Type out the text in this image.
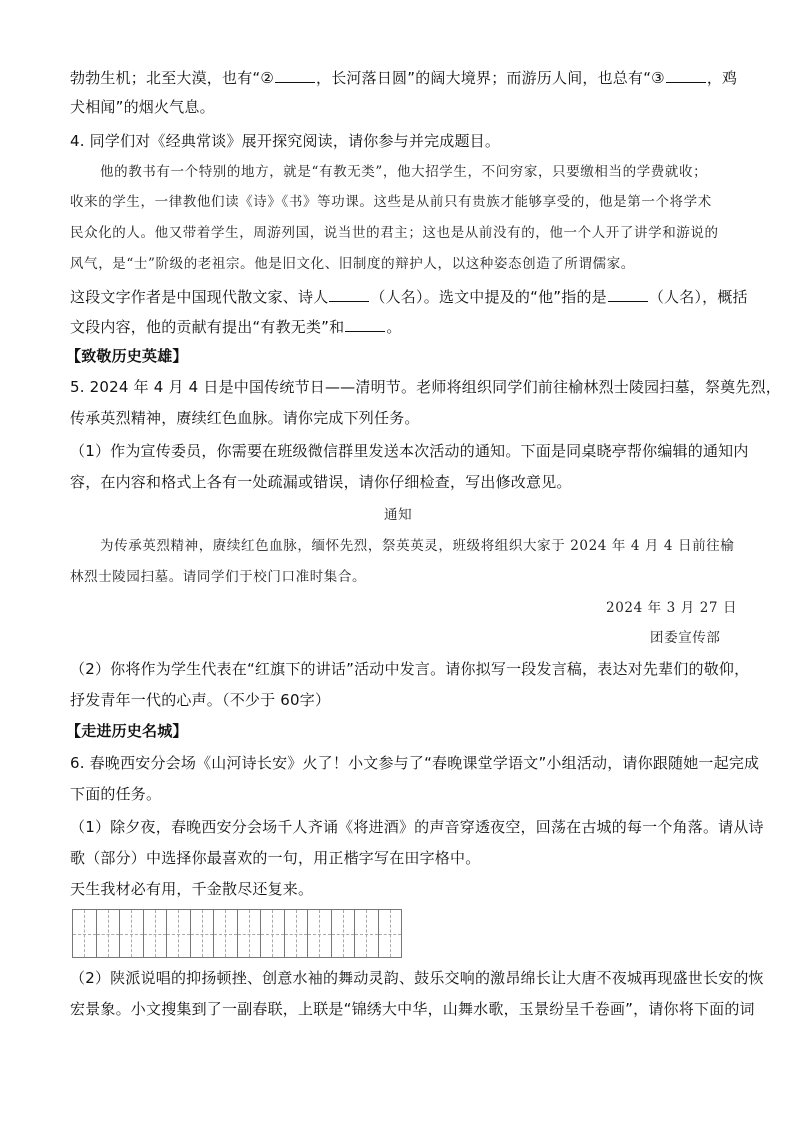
勃勃生机；北至大漠，也有“②	，长河落日圆”的阔大境界；而游历人间，也总有“③	，鸡
犬相闻”的烟火气息。
4. 同学们对《经典常谈》展开探究阅读，请你参与并完成题目。
他的教书有一个特别的地方，就是“有教无类”，他大招学生，不问穷家，只要缴相当的学费就收；
收来的学生，一律教他们读《诗》《书》等功课。这些是从前只有贵族才能够享受的，他是第一个将学术
民众化的人。他又带着学生，周游列国，说当世的君主；这也是从前没有的，他一个人开了讲学和游说的
风气，是“士”阶级的老祖宗。他是旧文化、旧制度的辩护人，以这种姿态创造了所谓儒家。
这段文字作者是中国现代散文家、诗人	（人名）。选文中提及的“他”指的是	（人名），概括
文段内容，他的贡献有提出“有教无类”和	。
【致敬历史英雄】
5. 2024 年 4 月 4 日是中国传统节日——清明节。老师将组织同学们前往榆林烈士陵园扫墓，祭奠先烈，
传承英烈精神，赓续红色血脉。请你完成下列任务。
（1）作为宣传委员，你需要在班级微信群里发送本次活动的通知。下面是同桌晓亭帮你编辑的通知内
容，在内容和格式上各有一处疏漏或错误，请你仔细检查，写出修改意见。
通知
为传承英烈精神，赓续红色血脉，缅怀先烈，祭英英灵，班级将组织大家于 2024 年 4 月 4 日前往榆
林烈士陵园扫墓。请同学们于校门口准时集合。
2024 年 3 月 27 日
团委宣传部
（2）你将作为学生代表在“红旗下的讲话”活动中发言。请你拟写一段发言稿，表达对先辈们的敬仰，
抒发青年一代的心声。（不少于 60字）
【走进历史名城】
6. 春晚西安分会场《山河诗长安》火了！小文参与了“春晚课堂学语文”小组活动，请你跟随她一起完成
下面的任务。
（1）除夕夜，春晚西安分会场千人齐诵《将进酒》的声音穿透夜空，回荡在古城的每一个角落。请从诗
歌（部分）中选择你最喜欢的一句，用正楷字写在田字格中。
天生我材必有用，千金散尽还复来。
（2）陕派说唱的抑扬顿挫、创意水袖的舞动灵韵、鼓乐交响的激昂绵长让大唐不夜城再现盛世长安的恢
宏景象。小文搜集到了一副春联，上联是“锦绣大中华，山舞水歌，玉景纷呈千卷画”，请你将下面的词
